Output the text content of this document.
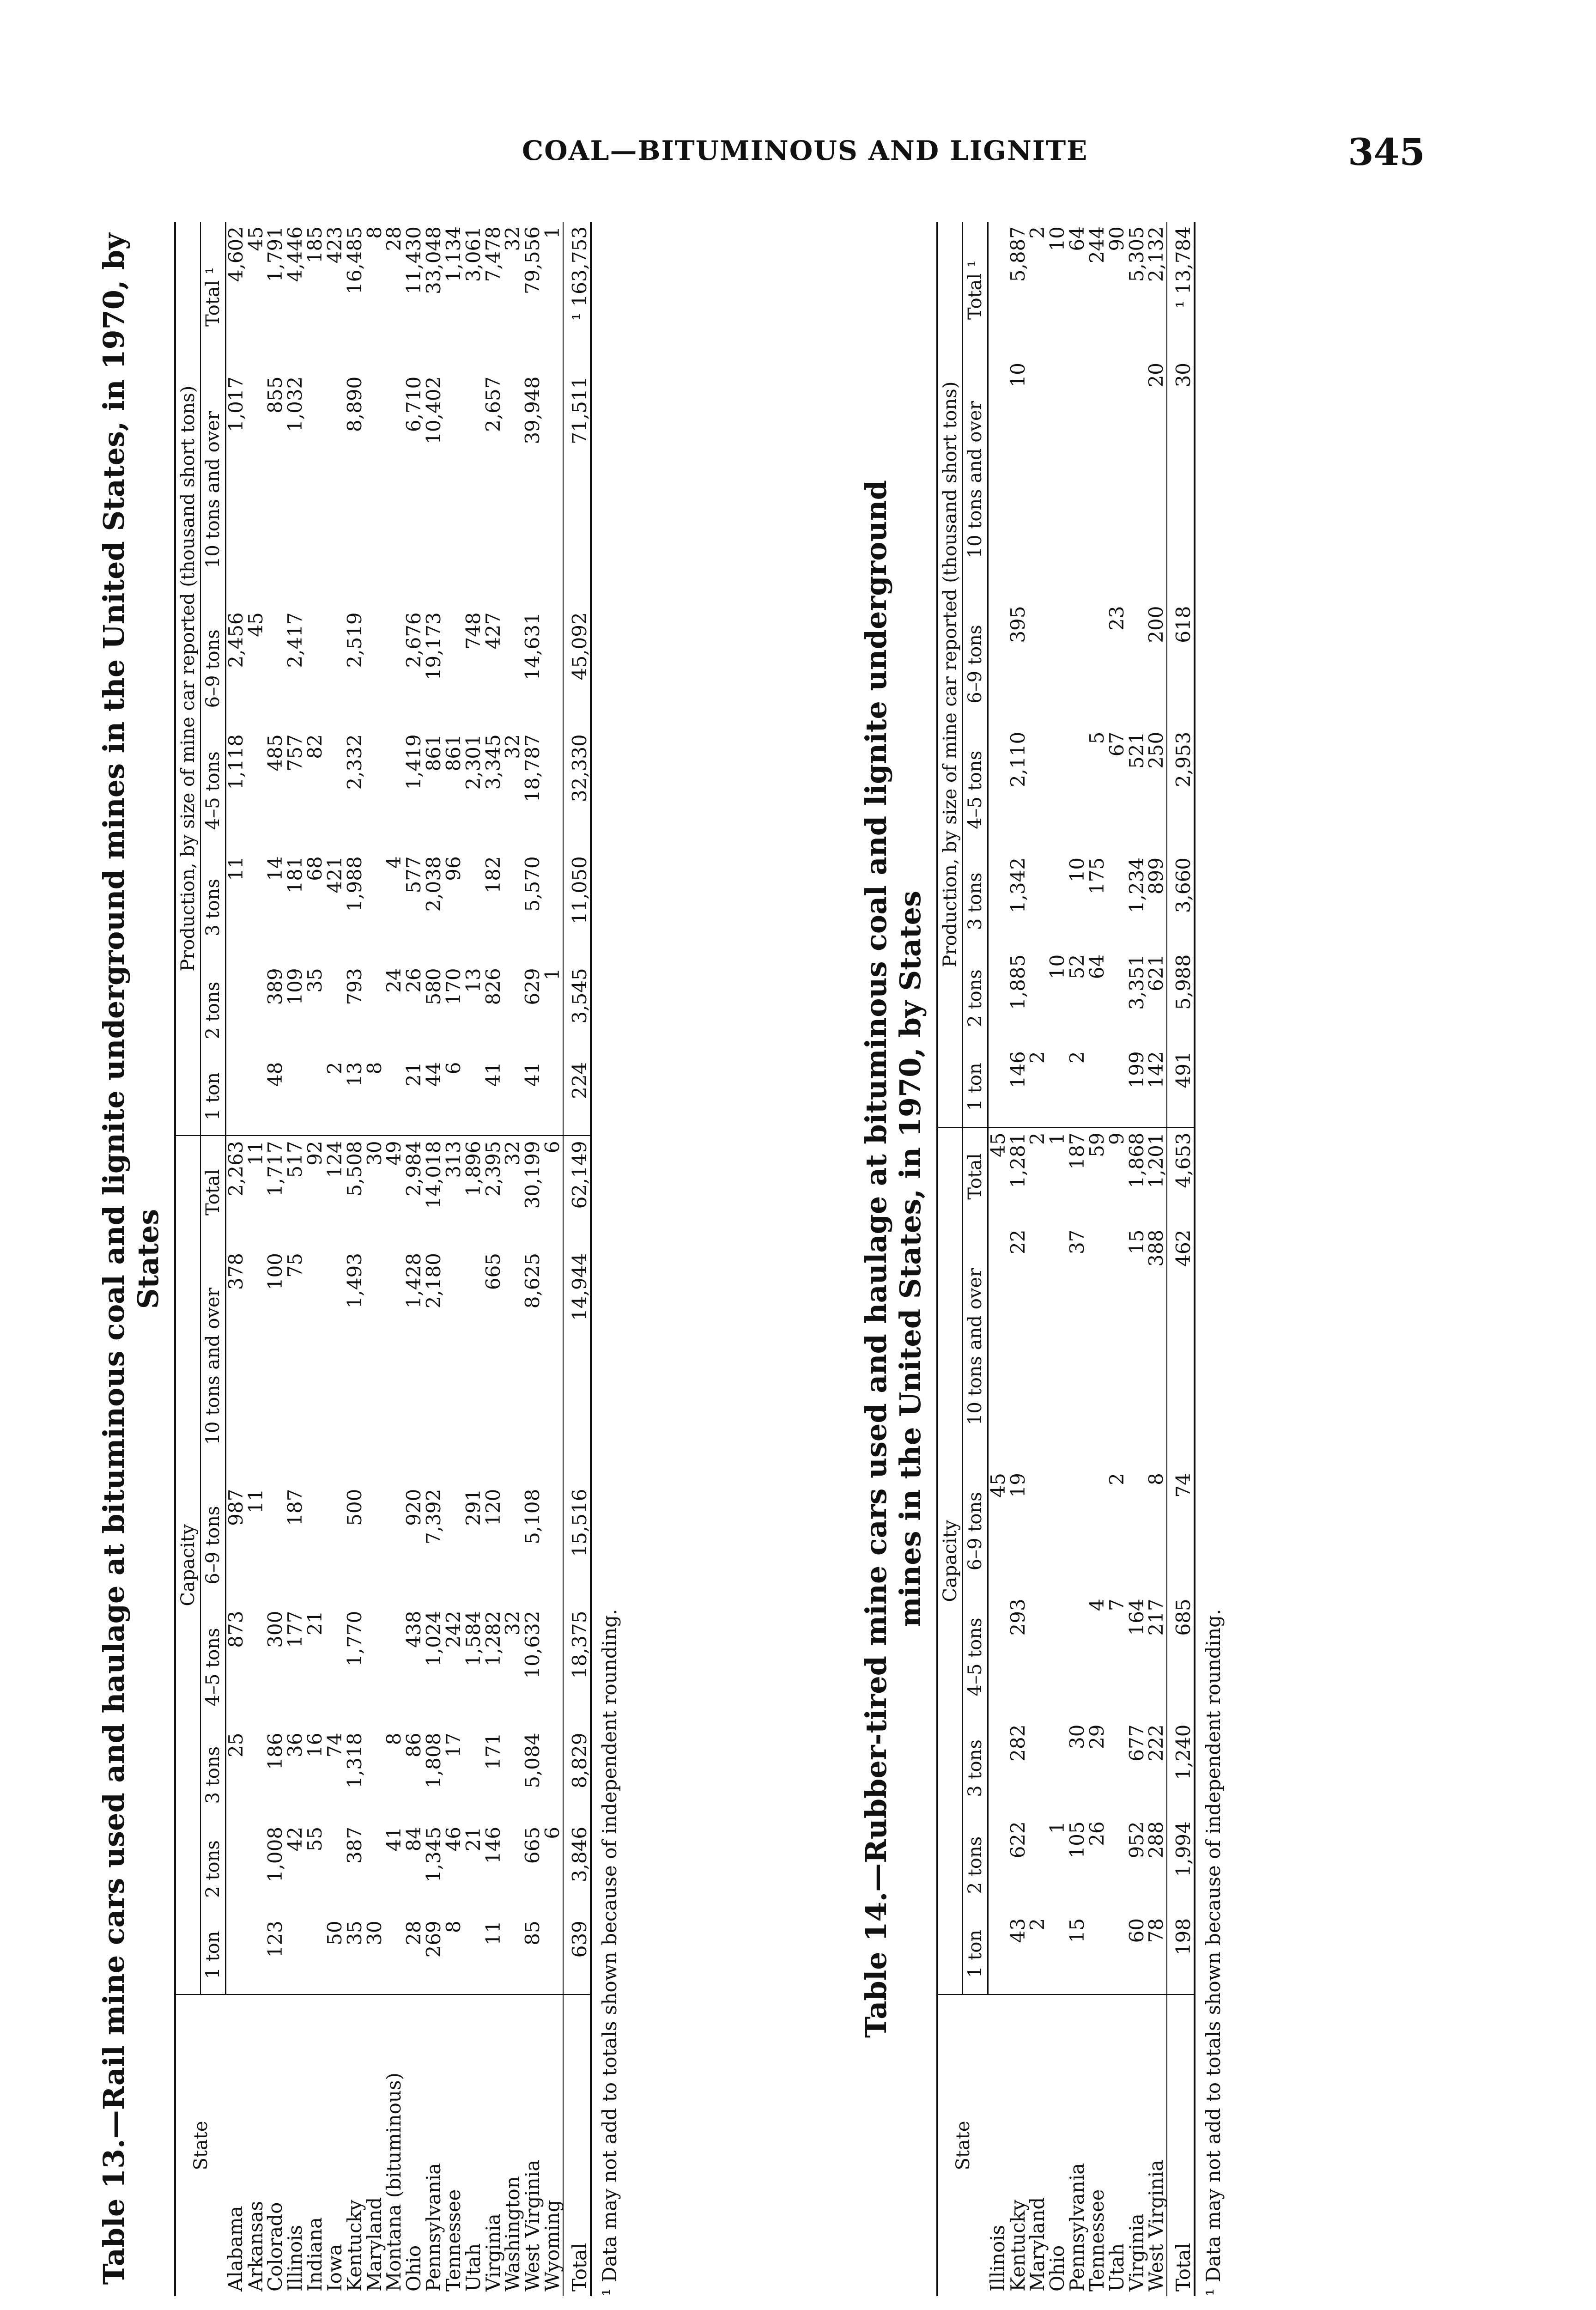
COAL—BITUMINOUS AND LIGNITE	345
Table 13.—Rail mine cars used and haulage at bituminous coal and lignite underground mines in the United States, in 1970, by States
State	Capacity							Production, by size of mine car reported (thousand short tons)						
	1 ton	2 tons	3 tons	4–5 tons	6–9 tons	10 tons and over	Total	1 ton	2 tons	3 tons	4–5 tons	6–9 tons	10 tons and over	Total ¹
Alabama			25	873	987	378	2,263			11	1,118	2,456	1,017	4,602
Arkansas					11		11					45		45
Colorado	123	1,008	186	300		100	1,717	48	389	14	485		855	1,791
Illinois		42	36	177	187	75	517		109	181	757	2,417	1,032	4,446
Indiana		55	16	21			92		35	68	82			185
Iowa	50		74				124	2		421				423
Kentucky	35	387	1,318	1,770	500	1,493	5,508	13	793	1,988	2,332	2,519	8,890	16,485
Maryland	30						30	8						8
Montana (bituminous)		41	8				49		24	4				28
Ohio	28	84	86	438	920	1,428	2,984	21	26	577	1,419	2,676	6,710	11,430
Pennsylvania	269	1,345	1,808	1,024	7,392	2,180	14,018	44	580	2,038	861	19,173	10,402	33,048
Tennessee	8	46	17	242			313	6	170	96	861			1,134
Utah		21		1,584	291		1,896		13		2,301	748		3,061
Virginia	11	146	171	1,282	120	665	2,395	41	826	182	3,345	427	2,657	7,478
Washington				32			32				32			32
West Virginia	85	665	5,084	10,632	5,108	8,625	30,199	41	629	5,570	18,787	14,631	39,948	79,556
Wyoming		6					6		1					1
Total	639	3,846	8,829	18,375	15,516	14,944	62,149	224	3,545	11,050	32,330	45,092	71,511	¹ 163,753
¹ Data may not add to totals shown because of independent rounding.	Table 14.—Rubber-tired mine cars used and haulage at bituminous coal and lignite underground mines in the United States, in 1970, by States
State	Capacity							Production, by size of mine car reported (thousand short tons)						
	1 ton	2 tons	3 tons	4–5 tons	6–9 tons	10 tons and over	Total	1 ton	2 tons	3 tons	4–5 tons	6–9 tons	10 tons and over	Total ¹
Illinois					45		45							
Kentucky	43	622	282	293	19	22	1,281	146	1,885	1,342	2,110	395	10	5,887
Maryland	2						2	2						2
Ohio		1					1		10					10
Pennsylvania	15	105	30			37	187	2	52	10				64
Tennessee		26	29	4			59		64	175	5			244
Utah				7	2		9				67	23		90
Virginia	60	952	677	164		15	1,868	199	3,351	1,234	521			5,305
West Virginia	78	288	222	217	8	388	1,201	142	621	899	250	200	20	2,132
Total	198	1,994	1,240	685	74	462	4,653	491	5,988	3,660	2,953	618	30	¹ 13,784
¹ Data may not add to totals shown because of independent rounding.
